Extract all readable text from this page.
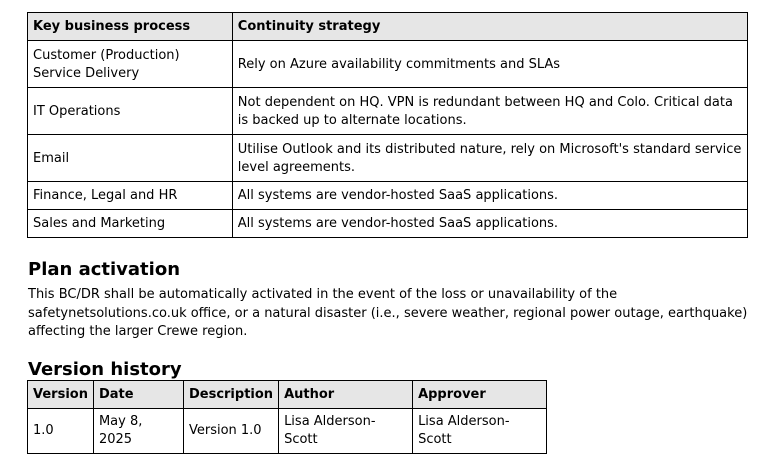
Key business process	Continuity strategy
Customer (Production) Service Delivery	Rely on Azure availability commitments and SLAs
IT Operations	Not dependent on HQ. VPN is redundant between HQ and Colo. Critical data is backed up to alternate locations.
Email	Utilise Outlook and its distributed nature, rely on Microsoft's standard service level agreements.
Finance, Legal and HR	All systems are vendor-hosted SaaS applications.
Sales and Marketing	All systems are vendor-hosted SaaS applications.
Plan activation

This BC/DR shall be automatically activated in the event of the loss or unavailability of the safetynetsolutions.co.uk office, or a natural disaster (i.e., severe weather, regional power outage, earthquake) affecting the larger Crewe region.

Version history
Version	Date	Description	Author	Approver
1.0	May 8, 2025	Version 1.0	Lisa Alderson-Scott	Lisa Alderson-Scott
